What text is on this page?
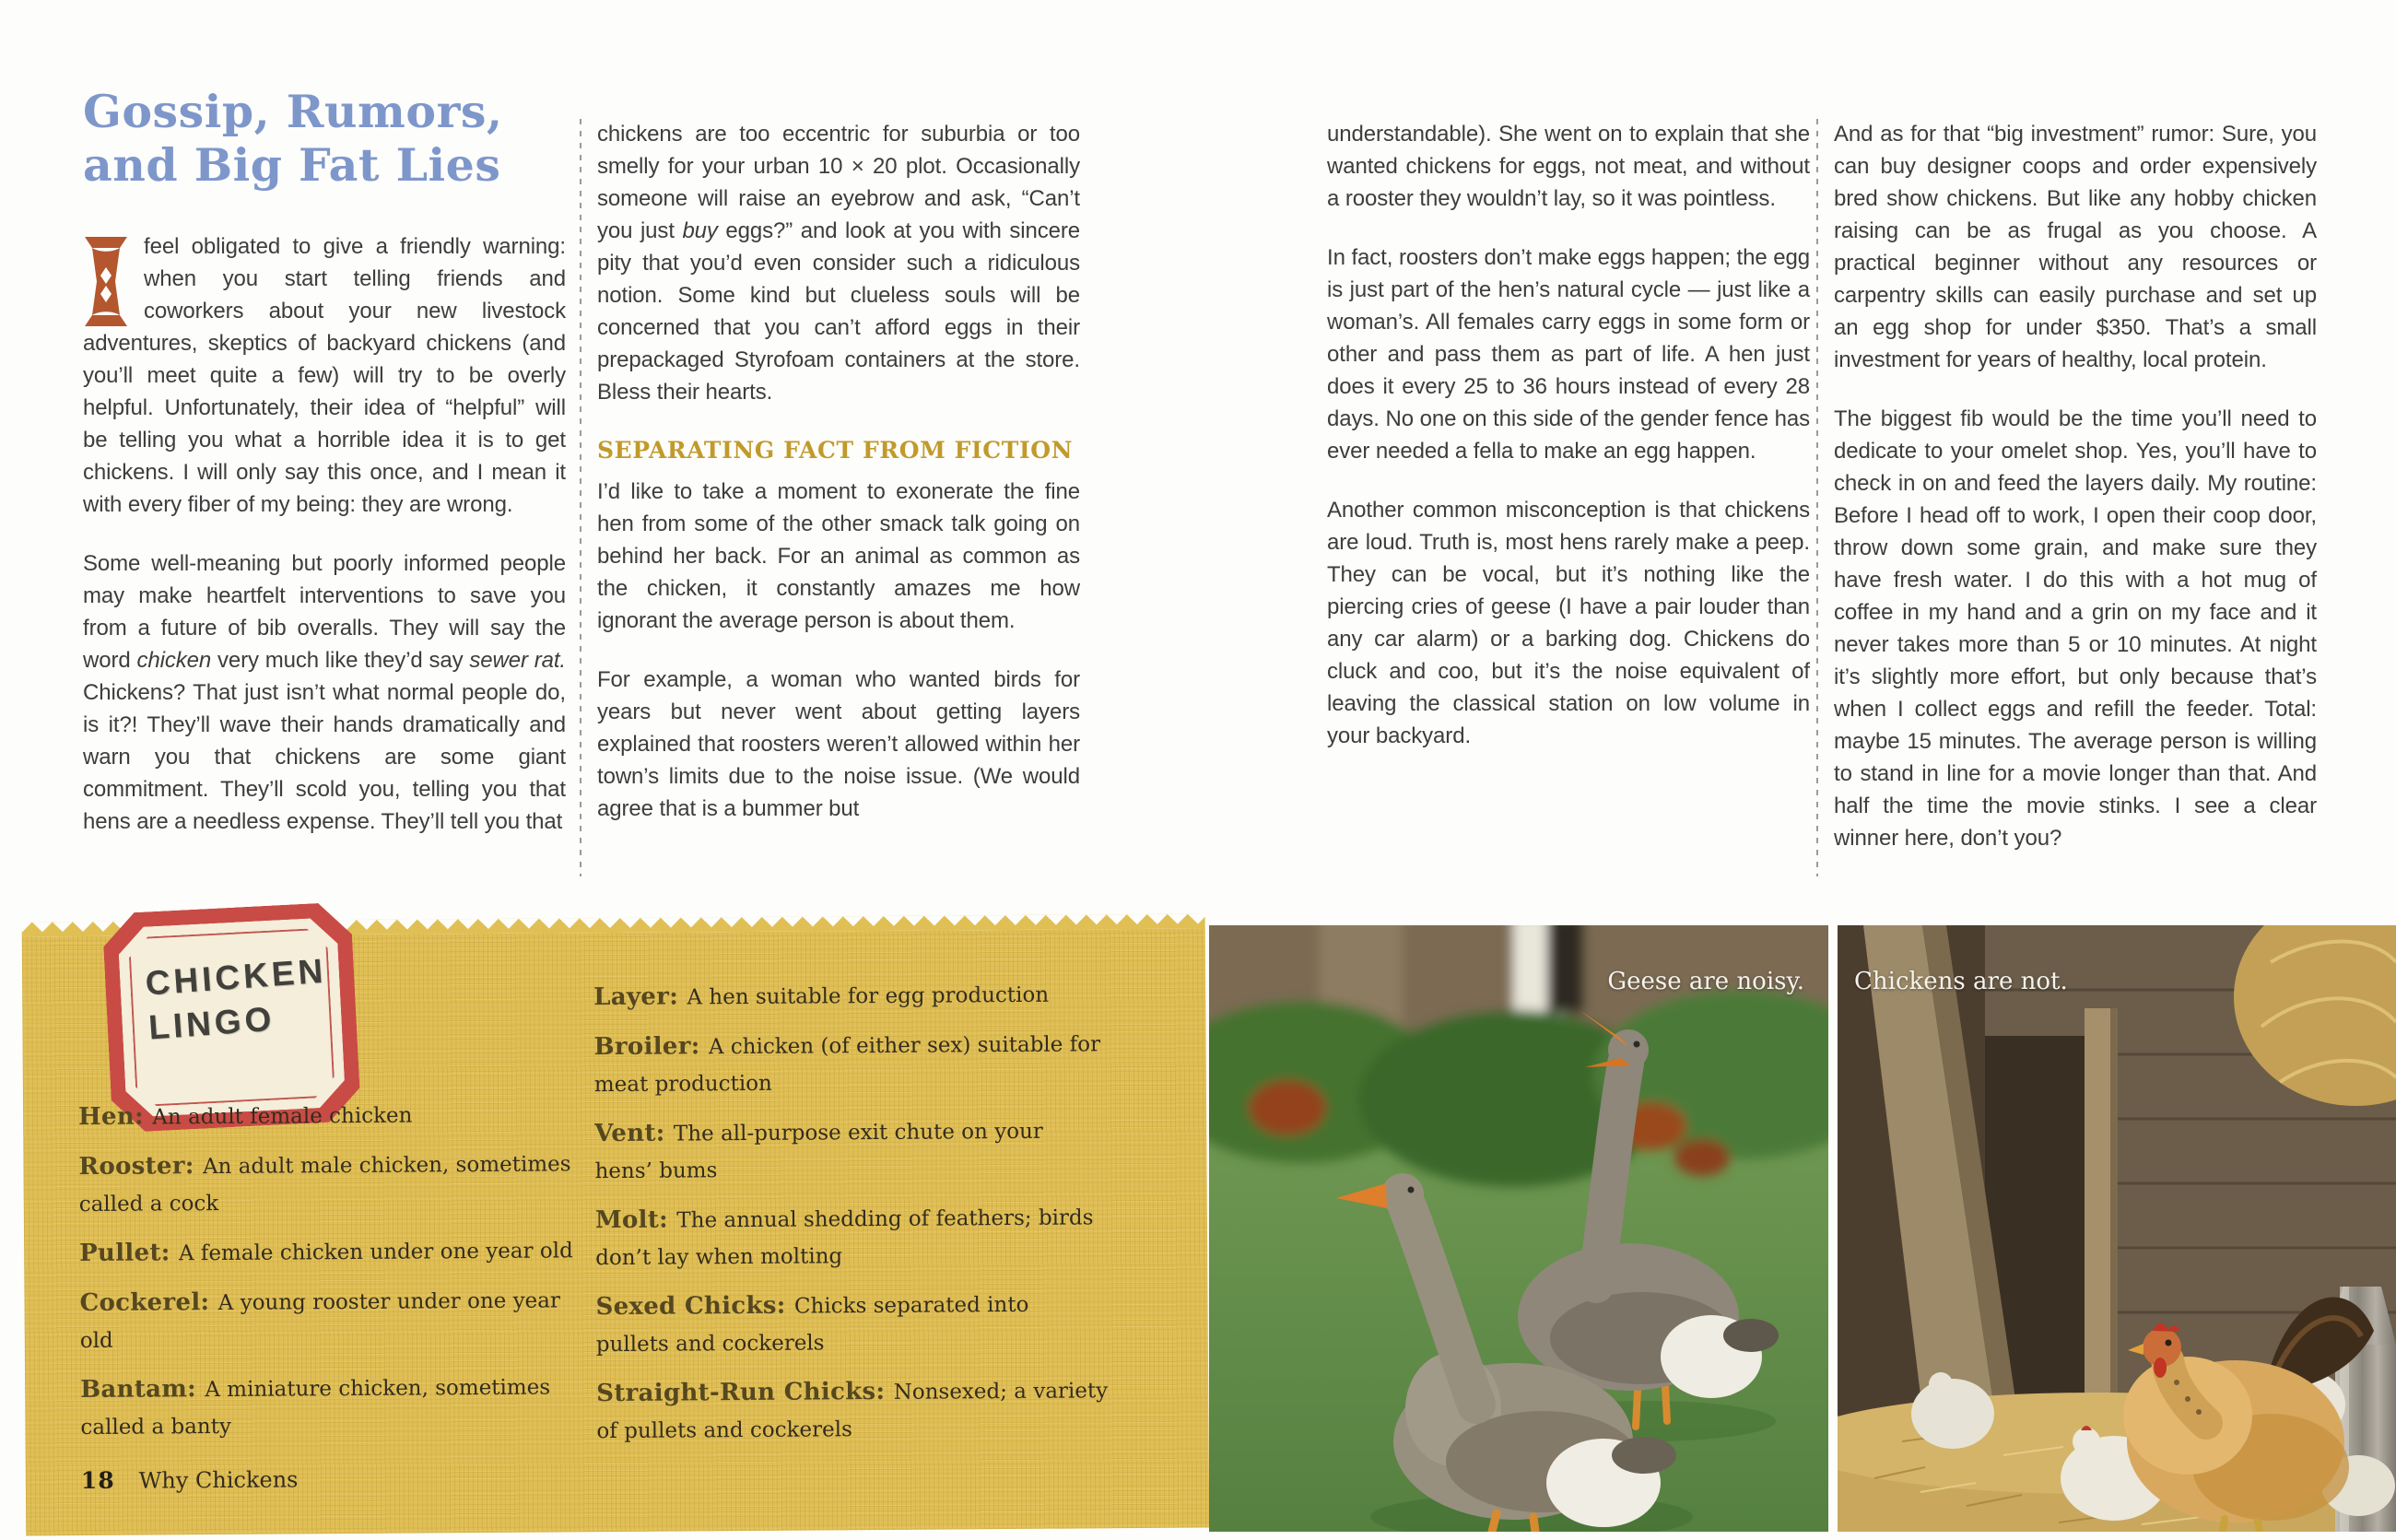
Gossip, Rumors,
and Big Fat Lies

feel obligated to give a friendly warning: when you start telling friends and coworkers about your new livestock adventures, skeptics of backyard chickens (and you’ll meet quite a few) will try to be overly helpful. Unfortunately, their idea of “helpful” will be telling you what a horrible idea it is to get chickens. I will only say this once, and I mean it with every fiber of my being: they are wrong.

Some well-meaning but poorly informed people may make heartfelt interventions to save you from a future of bib overalls. They will say the word chicken very much like they’d say sewer rat. Chickens? That just isn’t what normal people do, is it?! They’ll wave their hands dramatically and warn you that chickens are some giant commitment. They’ll scold you, telling you that hens are a needless expense. They’ll tell you that

chickens are too eccentric for suburbia or too smelly for your urban 10 × 20 plot. Occasionally someone will raise an eyebrow and ask, “Can’t you just buy eggs?” and look at you with sincere pity that you’d even consider such a ridiculous notion. Some kind but clueless souls will be concerned that you can’t afford eggs in their prepackaged Styrofoam containers at the store. Bless their hearts.

SEPARATING FACT FROM FICTION

I’d like to take a moment to exonerate the fine hen from some of the other smack talk going on behind her back. For an animal as common as the chicken, it constantly amazes me how ignorant the average person is about them.

For example, a woman who wanted birds for years but never went about getting layers explained that roosters weren’t allowed within her town’s limits due to the noise issue. (We would agree that is a bummer but

understandable). She went on to explain that she wanted chickens for eggs, not meat, and without a rooster they wouldn’t lay, so it was pointless.

In fact, roosters don’t make eggs happen; the egg is just part of the hen’s natural cycle — just like a woman’s. All females carry eggs in some form or other and pass them as part of life. A hen just does it every 25 to 36 hours instead of every 28 days. No one on this side of the gender fence has ever needed a fella to make an egg happen.

Another common misconception is that chickens are loud. Truth is, most hens rarely make a peep. They can be vocal, but it’s nothing like the piercing cries of geese (I have a pair louder than any car alarm) or a barking dog. Chickens do cluck and coo, but it’s the noise equivalent of leaving the classical station on low volume in your backyard.

And as for that “big investment” rumor: Sure, you can buy designer coops and order expensively bred show chickens. But like any hobby chicken raising can be as frugal as you choose. A practical beginner without any resources or carpentry skills can easily purchase and set up an egg shop for under $350. That’s a small investment for years of healthy, local protein.

The biggest fib would be the time you’ll need to dedicate to your omelet shop. Yes, you’ll have to check in on and feed the layers daily. My routine: Before I head off to work, I open their coop door, throw down some grain, and make sure they have fresh water. I do this with a hot mug of coffee in my hand and a grin on my face and it never takes more than 5 or 10 minutes. At night it’s slightly more effort, but only because that’s when I collect eggs and refill the feeder. Total: maybe 15 minutes. The average person is willing to stand in line for a movie longer than that. And half the time the movie stinks. I see a clear winner here, don’t you?

CHICKEN
LINGO

Hen: An adult female chicken

Rooster: An adult male chicken, sometimes called a cock

Pullet: A female chicken under one year old

Cockerel: A young rooster under one year old

Bantam: A miniature chicken, sometimes called a banty

Layer: A hen suitable for egg production

Broiler: A chicken (of either sex) suitable for meat production

Vent: The all-purpose exit chute on your hens’ bums

Molt: The annual shedding of feathers; birds don’t lay when molting

Sexed Chicks: Chicks separated into pullets and cockerels

Straight-Run Chicks: Nonsexed; a variety of pullets and cockerels

18 Why Chickens
Geese are noisy. Chickens are not.
